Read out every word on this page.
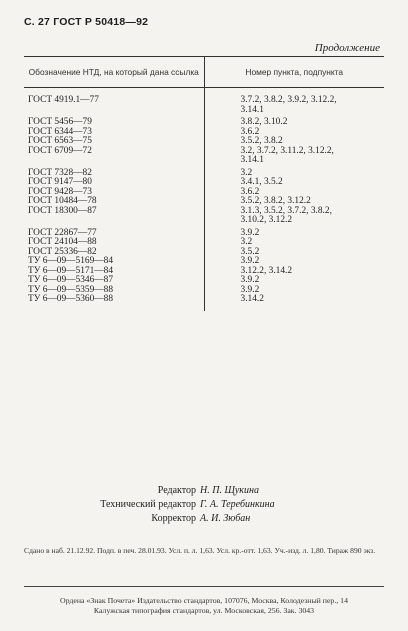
С. 27 ГОСТ Р 50418—92
Продолжение
Обозначение НТД, на который дана ссылка	Номер пункта, подпункта

ГОСТ 4919.1—77	3.7.2, 3.8.2, 3.9.2, 3.12.2,
3.14.1

ГОСТ 5456—79	3.8.2, 3.10.2

ГОСТ 6344—73	3.6.2

ГОСТ 6563—75	3.5.2, 3.8.2

ГОСТ 6709—72	3.2, 3.7.2, 3.11.2, 3.12.2,
3.14.1

ГОСТ 7328—82	3.2

ГОСТ 9147—80	3.4.1, 3.5.2

ГОСТ 9428—73	3.6.2

ГОСТ 10484—78	3.5.2, 3.8.2, 3.12.2

ГОСТ 18300—87	3.1.3, 3.5.2, 3.7.2, 3.8.2,
3.10.2, 3.12.2

ГОСТ 22867—77	3.9.2

ГОСТ 24104—88	3.2

ГОСТ 25336—82	3.5.2

ТУ 6—09—5169—84	3.9.2

ТУ 6—09—5171—84	3.12.2, 3.14.2

ТУ 6—09—5346—87	3.9.2

ТУ 6—09—5359—88	3.9.2

ТУ 6—09—5360—88	3.14.2
Редактор Н. П. Щукина
Технический редактор Г. А. Теребинкина
Корректор А. И. Зюбан
Сдано в наб. 21.12.92. Подп. в печ. 28.01.93. Усл. п. л. 1,63. Усл. кр.-отт. 1,63. Уч.-изд. л. 1,80. Тираж 890 экз.
Ордена «Знак Почета» Издательство стандартов, 107076, Москва, Колодезный пер., 14
Калужская типография стандартов, ул. Московская, 256. Зак. 3043
